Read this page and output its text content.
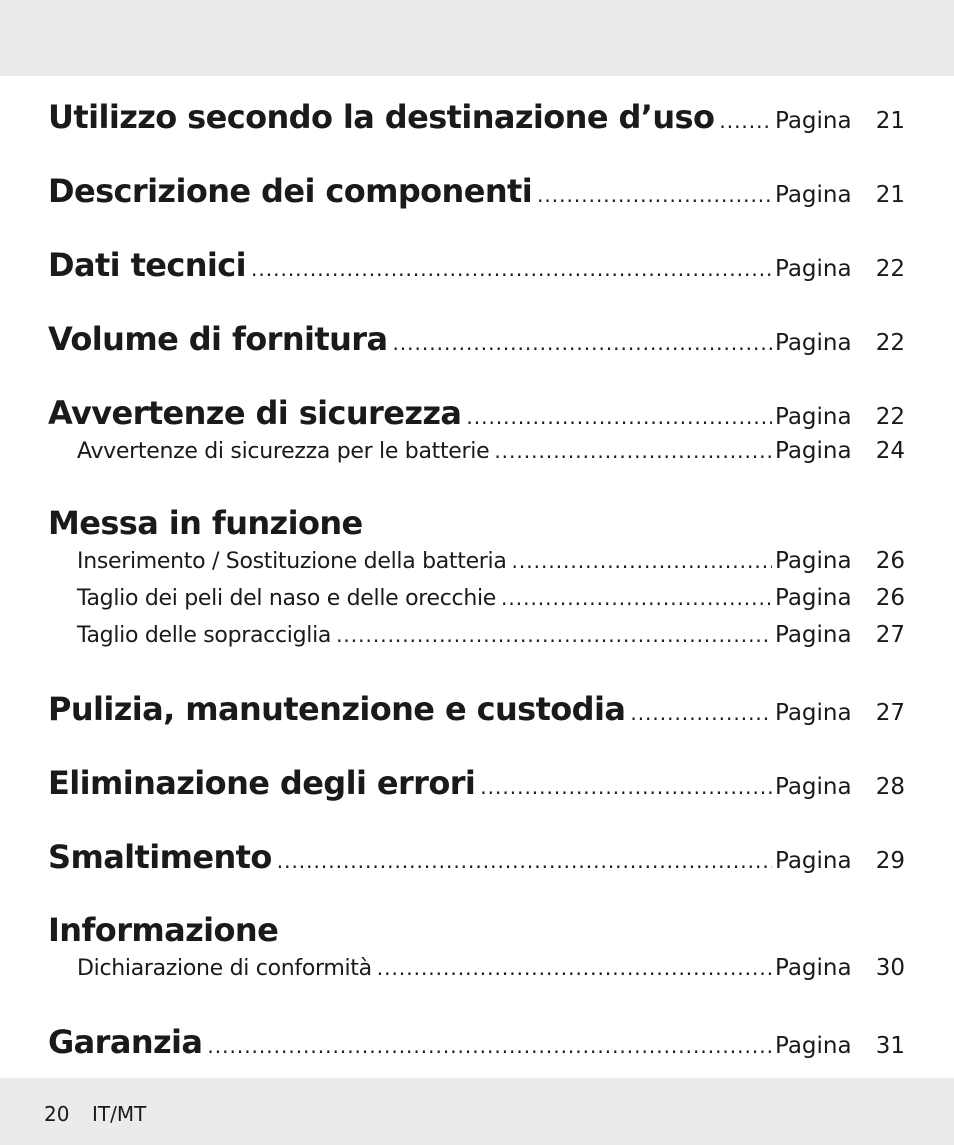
Utilizzo secondo la destinazione d’uso .....	Pagina	21
Descrizione dei componenti .....	Pagina	21
Dati tecnici .....	Pagina	22
Volume di fornitura .....	Pagina	22
Avvertenze di sicurezza .....	Pagina	22
Avvertenze di sicurezza per le batterie .....	Pagina	24
Messa in funzione
Inserimento / Sostituzione della batteria .....	Pagina	26
Taglio dei peli del naso e delle orecchie .....	Pagina	26
Taglio delle sopracciglia .....	Pagina	27
Pulizia, manutenzione e custodia .....	Pagina	27
Eliminazione degli errori .....	Pagina	28
Smaltimento .....	Pagina	29
Informazione
Dichiarazione di conformità .....	Pagina	30
Garanzia .....	Pagina	31
20 IT/MT
